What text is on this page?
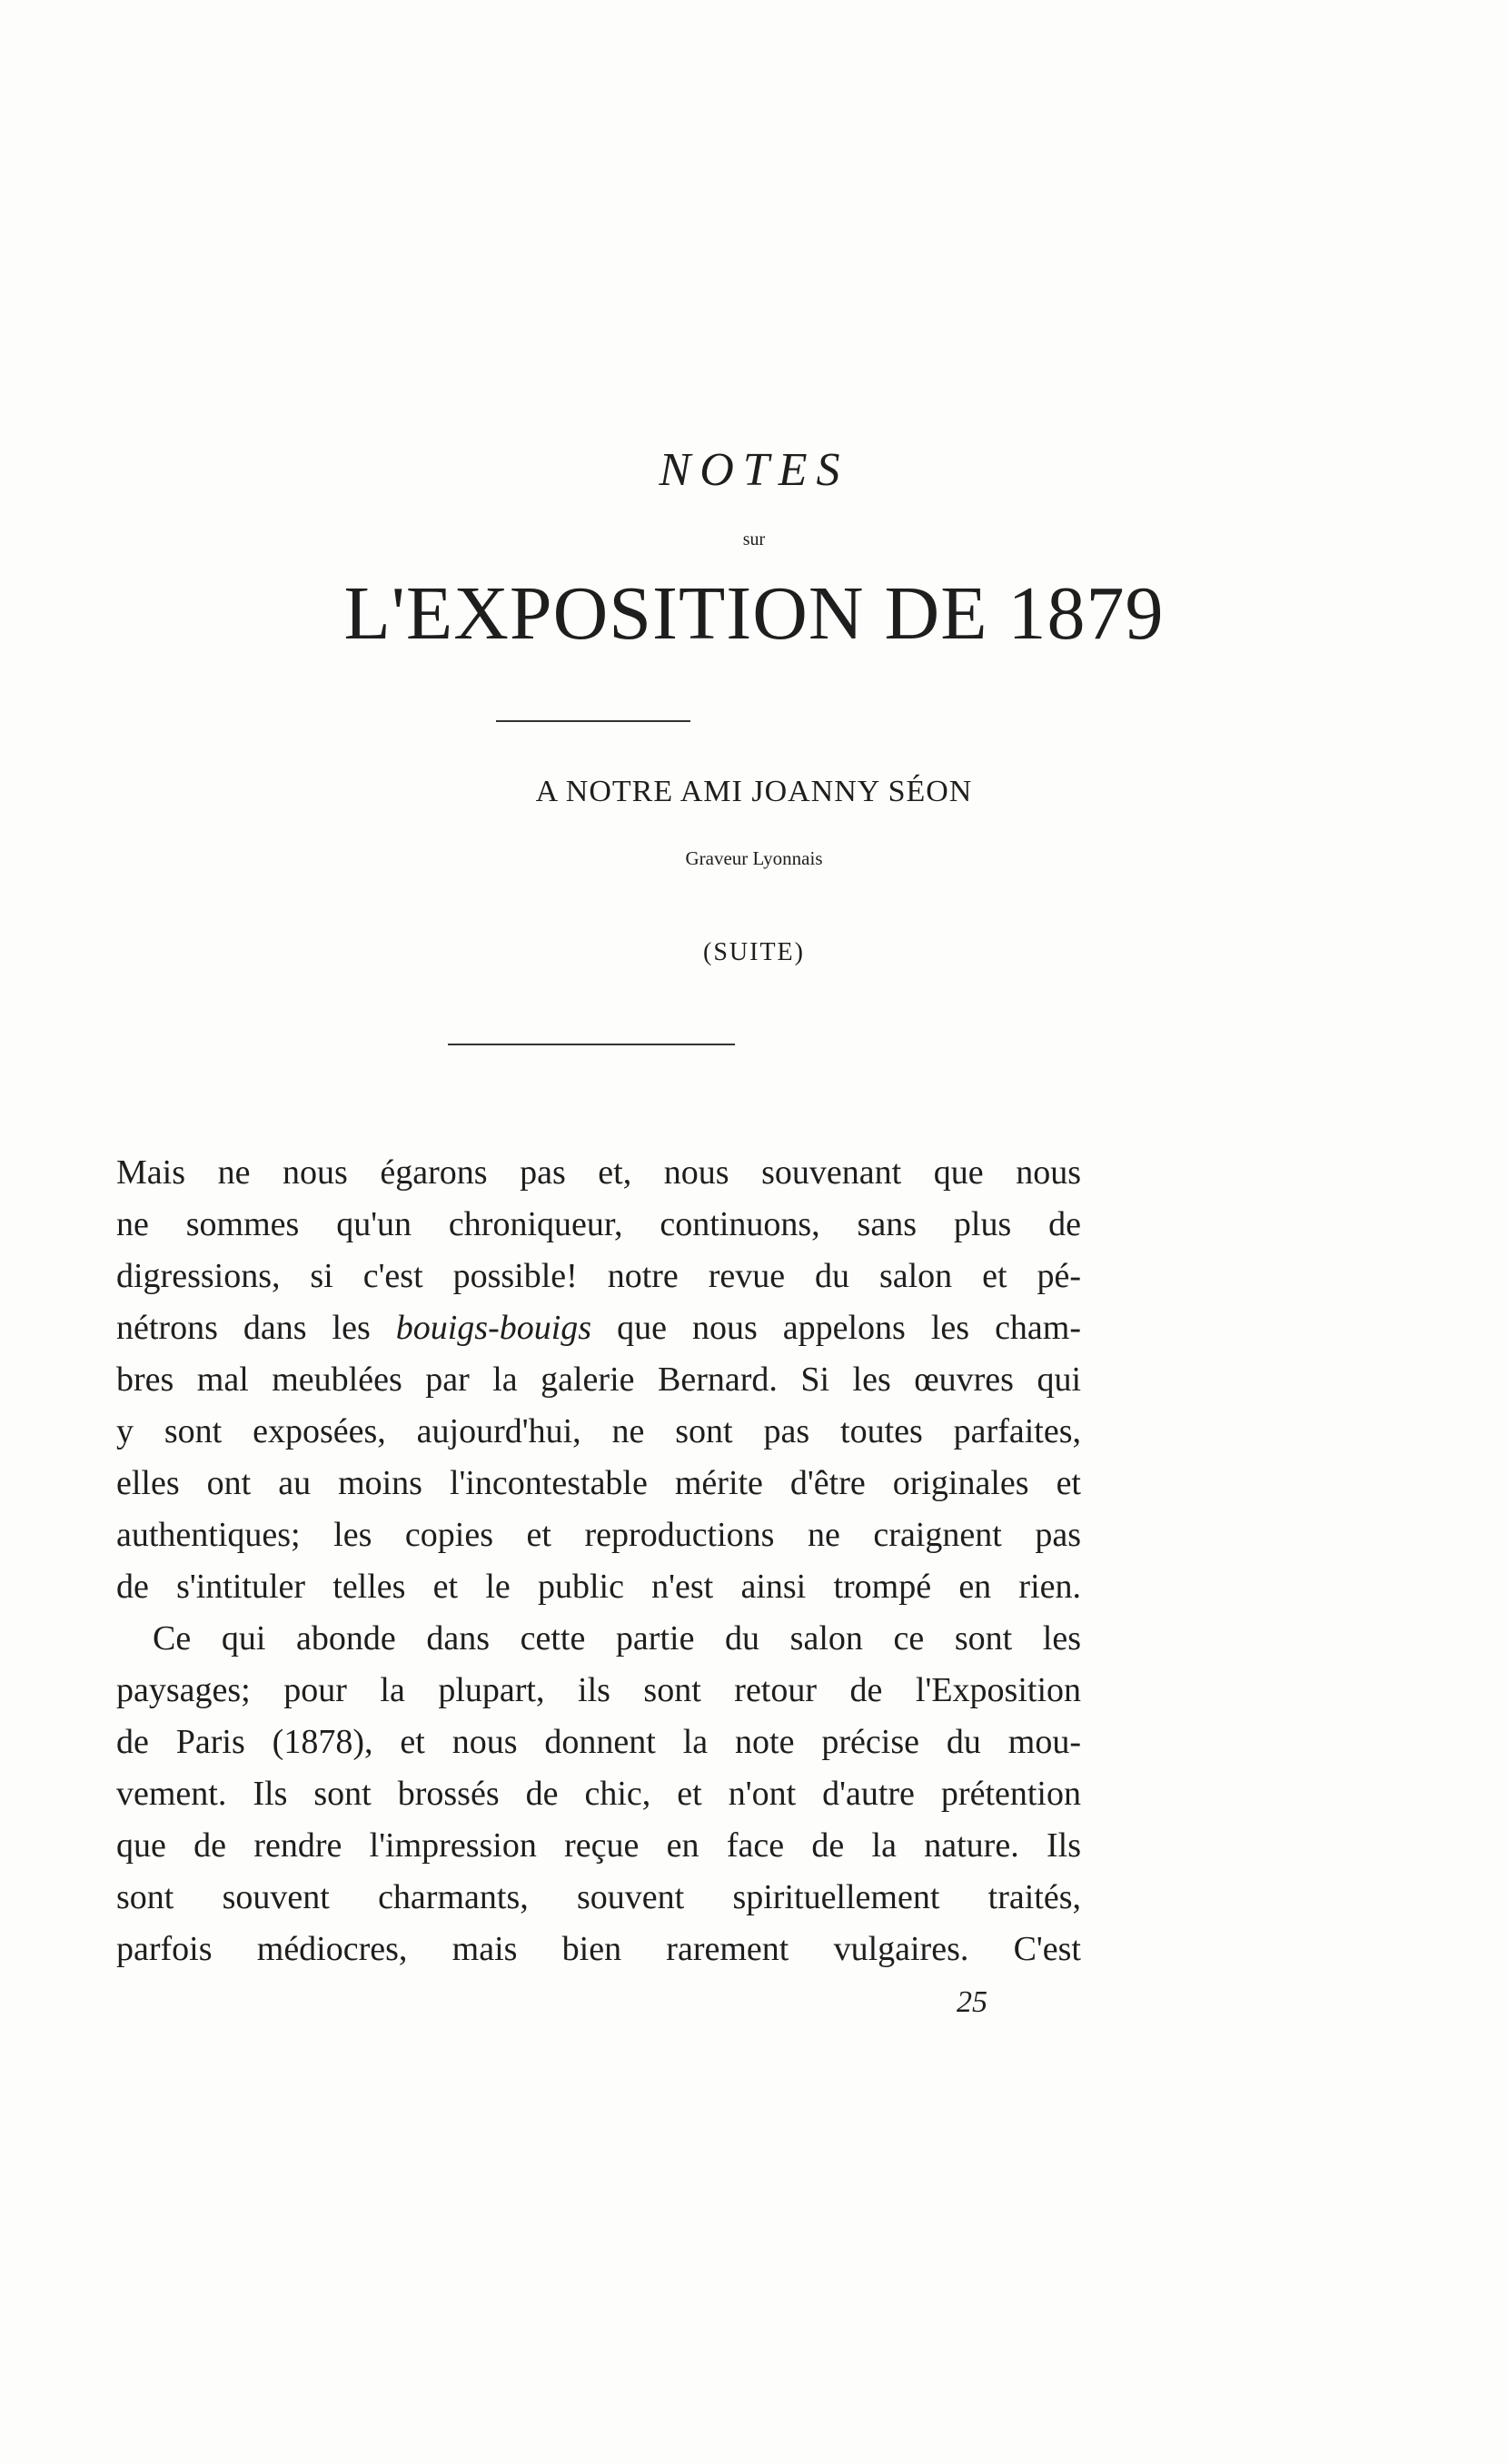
NOTES
sur
L'EXPOSITION DE 1879
A NOTRE AMI JOANNY SÉON
Graveur Lyonnais
(SUITE)
Mais ne nous égarons pas et, nous souvenant que nous
ne sommes qu'un chroniqueur, continuons, sans plus de
digressions, si c'est possible! notre revue du salon et pé-
nétrons dans les bouigs-bouigs que nous appelons les cham-
bres mal meublées par la galerie Bernard. Si les œuvres qui
y sont exposées, aujourd'hui, ne sont pas toutes parfaites,
elles ont au moins l'incontestable mérite d'être originales et
authentiques; les copies et reproductions ne craignent pas
de s'intituler telles et le public n'est ainsi trompé en rien.
Ce qui abonde dans cette partie du salon ce sont les
paysages; pour la plupart, ils sont retour de l'Exposition
de Paris (1878), et nous donnent la note précise du mou-
vement. Ils sont brossés de chic, et n'ont d'autre prétention
que de rendre l'impression reçue en face de la nature. Ils
sont souvent charmants, souvent spirituellement traités,
parfois médiocres, mais bien rarement vulgaires. C'est
25
